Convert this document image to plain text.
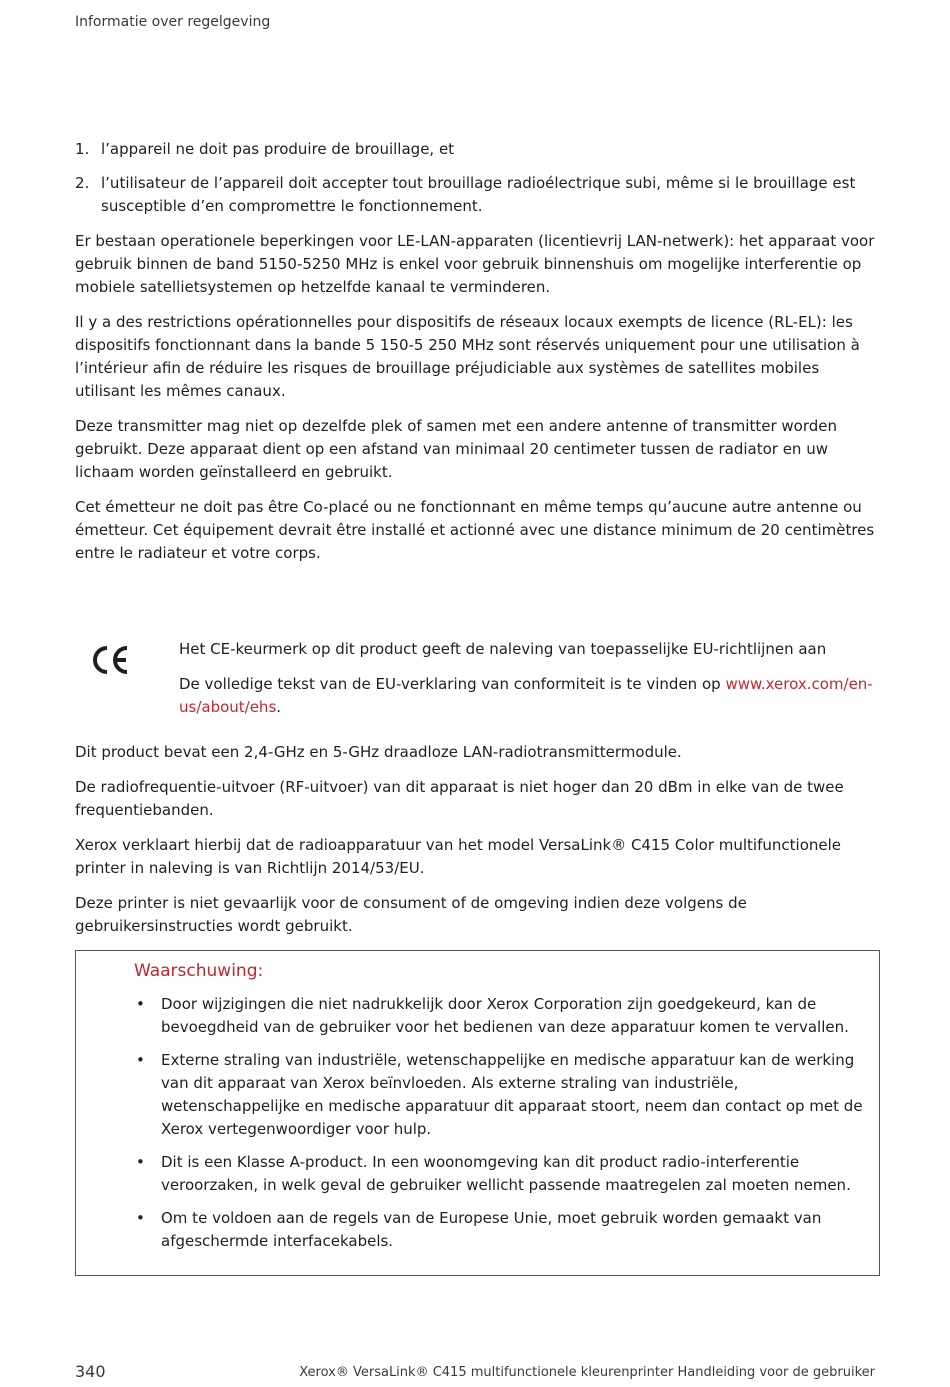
Informatie over regelgeving
1. l’appareil ne doit pas produire de brouillage, et
2. l’utilisateur de l’appareil doit accepter tout brouillage radioélectrique subi, même si le brouillage est susceptible d’en compromettre le fonctionnement.

Er bestaan operationele beperkingen voor LE-LAN-apparaten (licentievrij LAN-netwerk): het apparaat voor gebruik binnen de band 5150-5250 MHz is enkel voor gebruik binnenshuis om mogelijke interferentie op mobiele satellietsystemen op hetzelfde kanaal te verminderen.

Il y a des restrictions opérationnelles pour dispositifs de réseaux locaux exempts de licence (RL-EL): les dispositifs fonctionnant dans la bande 5 150-5 250 MHz sont réservés uniquement pour une utilisation à l’intérieur afin de réduire les risques de brouillage préjudiciable aux systèmes de satellites mobiles utilisant les mêmes canaux.

Deze transmitter mag niet op dezelfde plek of samen met een andere antenne of transmitter worden gebruikt. Deze apparaat dient op een afstand van minimaal 20 centimeter tussen de radiator en uw lichaam worden geïnstalleerd en gebruikt.

Cet émetteur ne doit pas être Co-placé ou ne fonctionnant en même temps qu’aucune autre antenne ou émetteur. Cet équipement devrait être installé et actionné avec une distance minimum de 20 centimètres entre le radiateur et votre corps.

Het CE-keurmerk op dit product geeft de naleving van toepasselijke EU-richtlijnen aan

De volledige tekst van de EU-verklaring van conformiteit is te vinden op www.xerox.com/en-us/about/ehs.

Dit product bevat een 2,4-GHz en 5-GHz draadloze LAN-radiotransmittermodule.

De radiofrequentie-uitvoer (RF-uitvoer) van dit apparaat is niet hoger dan 20 dBm in elke van de twee frequentiebanden.

Xerox verklaart hierbij dat de radioapparatuur van het model VersaLink® C415 Color multifunctionele printer in naleving is van Richtlijn 2014/53/EU.

Deze printer is niet gevaarlijk voor de consument of de omgeving indien deze volgens de gebruikersinstructies wordt gebruikt.

Waarschuwing:
• Door wijzigingen die niet nadrukkelijk door Xerox Corporation zijn goedgekeurd, kan de bevoegdheid van de gebruiker voor het bedienen van deze apparatuur komen te vervallen.
• Externe straling van industriële, wetenschappelijke en medische apparatuur kan de werking van dit apparaat van Xerox beïnvloeden. Als externe straling van industriële, wetenschappelijke en medische apparatuur dit apparaat stoort, neem dan contact op met de Xerox vertegenwoordiger voor hulp.
• Dit is een Klasse A-product. In een woonomgeving kan dit product radio-interferentie veroorzaken, in welk geval de gebruiker wellicht passende maatregelen zal moeten nemen.
• Om te voldoen aan de regels van de Europese Unie, moet gebruik worden gemaakt van afgeschermde interfacekabels.
340	Xerox® VersaLink® C415 multifunctionele kleurenprinter Handleiding voor de gebruiker
